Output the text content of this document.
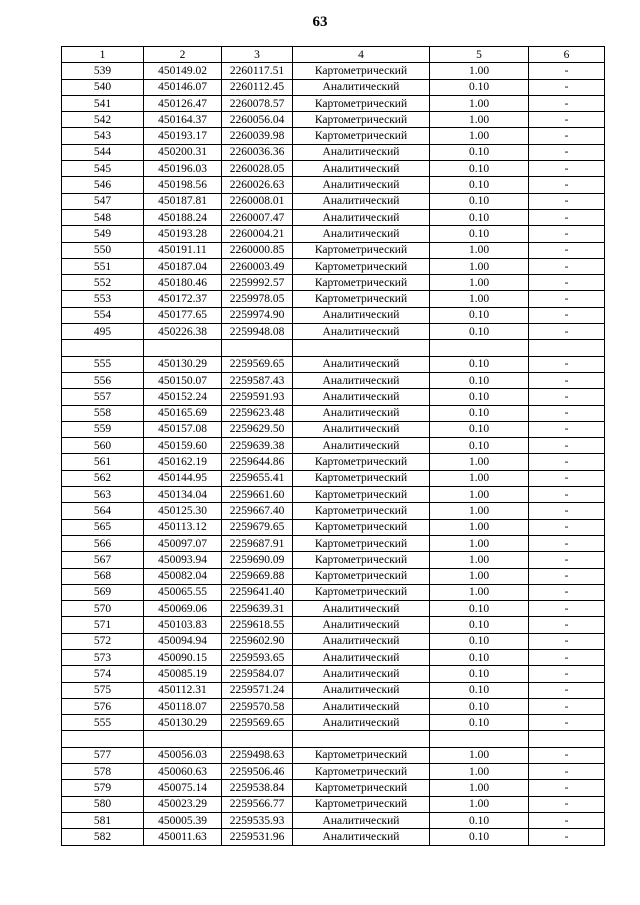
63
1	2	3	4	5	6
539	450149.02	2260117.51	Картометрический	1.00	-
540	450146.07	2260112.45	Аналитический	0.10	-
541	450126.47	2260078.57	Картометрический	1.00	-
542	450164.37	2260056.04	Картометрический	1.00	-
543	450193.17	2260039.98	Картометрический	1.00	-
544	450200.31	2260036.36	Аналитический	0.10	-
545	450196.03	2260028.05	Аналитический	0.10	-
546	450198.56	2260026.63	Аналитический	0.10	-
547	450187.81	2260008.01	Аналитический	0.10	-
548	450188.24	2260007.47	Аналитический	0.10	-
549	450193.28	2260004.21	Аналитический	0.10	-
550	450191.11	2260000.85	Картометрический	1.00	-
551	450187.04	2260003.49	Картометрический	1.00	-
552	450180.46	2259992.57	Картометрический	1.00	-
553	450172.37	2259978.05	Картометрический	1.00	-
554	450177.65	2259974.90	Аналитический	0.10	-
495	450226.38	2259948.08	Аналитический	0.10	-

555	450130.29	2259569.65	Аналитический	0.10	-
556	450150.07	2259587.43	Аналитический	0.10	-
557	450152.24	2259591.93	Аналитический	0.10	-
558	450165.69	2259623.48	Аналитический	0.10	-
559	450157.08	2259629.50	Аналитический	0.10	-
560	450159.60	2259639.38	Аналитический	0.10	-
561	450162.19	2259644.86	Картометрический	1.00	-
562	450144.95	2259655.41	Картометрический	1.00	-
563	450134.04	2259661.60	Картометрический	1.00	-
564	450125.30	2259667.40	Картометрический	1.00	-
565	450113.12	2259679.65	Картометрический	1.00	-
566	450097.07	2259687.91	Картометрический	1.00	-
567	450093.94	2259690.09	Картометрический	1.00	-
568	450082.04	2259669.88	Картометрический	1.00	-
569	450065.55	2259641.40	Картометрический	1.00	-
570	450069.06	2259639.31	Аналитический	0.10	-
571	450103.83	2259618.55	Аналитический	0.10	-
572	450094.94	2259602.90	Аналитический	0.10	-
573	450090.15	2259593.65	Аналитический	0.10	-
574	450085.19	2259584.07	Аналитический	0.10	-
575	450112.31	2259571.24	Аналитический	0.10	-
576	450118.07	2259570.58	Аналитический	0.10	-
555	450130.29	2259569.65	Аналитический	0.10	-

577	450056.03	2259498.63	Картометрический	1.00	-
578	450060.63	2259506.46	Картометрический	1.00	-
579	450075.14	2259538.84	Картометрический	1.00	-
580	450023.29	2259566.77	Картометрический	1.00	-
581	450005.39	2259535.93	Аналитический	0.10	-
582	450011.63	2259531.96	Аналитический	0.10	-
